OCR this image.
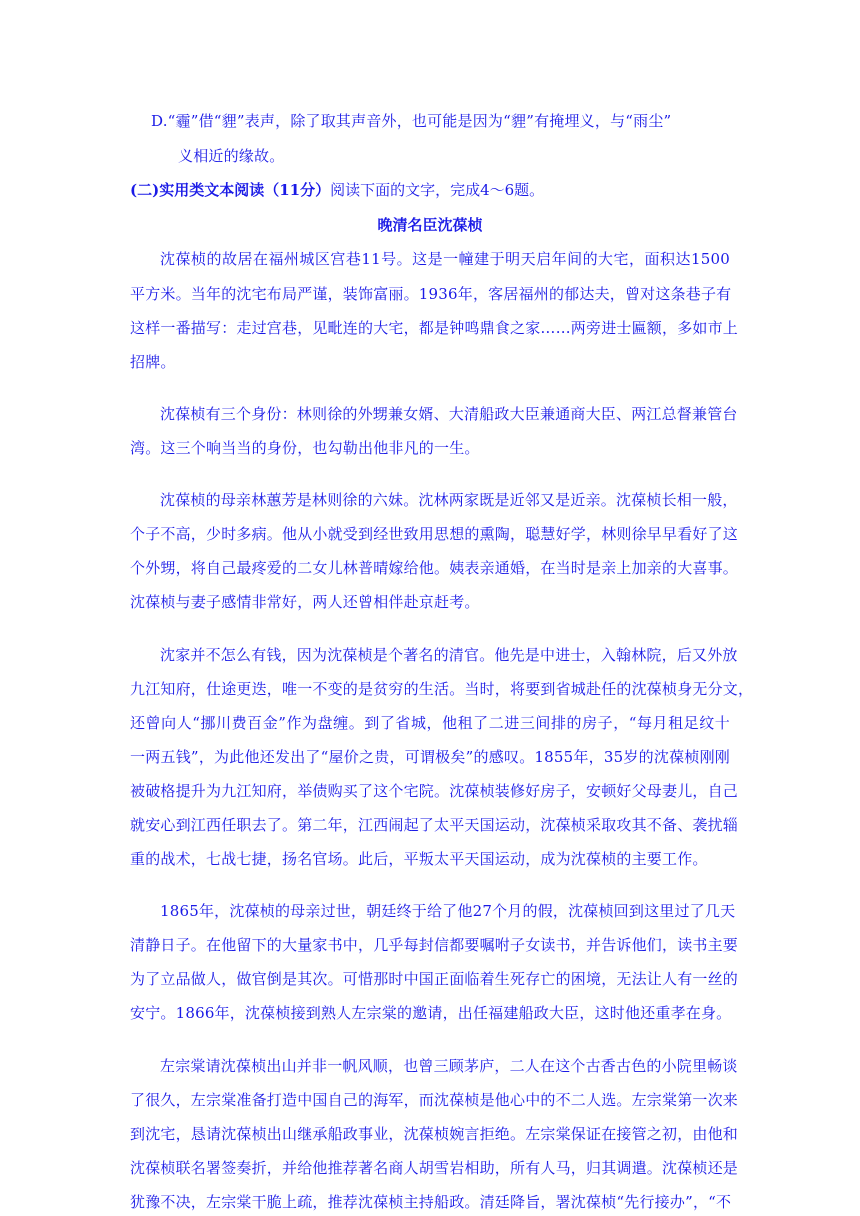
D.“霾”借“貍”表声，除了取其声音外，也可能是因为“貍”有掩埋义，与“雨尘”
义相近的缘故。
(二)实用类文本阅读（11分）阅读下面的文字，完成4～6题。
晚清名臣沈葆桢
沈葆桢的故居在福州城区宫巷11号。这是一幢建于明天启年间的大宅，面积达1500
平方米。当年的沈宅布局严谨，装饰富丽。1936年，客居福州的郁达夫，曾对这条巷子有
这样一番描写：走过宫巷，见毗连的大宅，都是钟鸣鼎食之家……两旁进士匾额，多如市上
招牌。
沈葆桢有三个身份：林则徐的外甥兼女婿、大清船政大臣兼通商大臣、两江总督兼管台
湾。这三个响当当的身份，也勾勒出他非凡的一生。
沈葆桢的母亲林蕙芳是林则徐的六妹。沈林两家既是近邻又是近亲。沈葆桢长相一般，
个子不高，少时多病。他从小就受到经世致用思想的熏陶，聪慧好学，林则徐早早看好了这
个外甥，将自己最疼爱的二女儿林普晴嫁给他。姨表亲通婚，在当时是亲上加亲的大喜事。
沈葆桢与妻子感情非常好，两人还曾相伴赴京赶考。
沈家并不怎么有钱，因为沈葆桢是个著名的清官。他先是中进士，入翰林院，后又外放
九江知府，仕途更迭，唯一不变的是贫穷的生活。当时，将要到省城赴任的沈葆桢身无分文，
还曾向人“挪川费百金”作为盘缠。到了省城，他租了二进三间排的房子，“每月租足纹十
一两五钱”，为此他还发出了“屋价之贵，可谓极矣”的感叹。1855年，35岁的沈葆桢刚刚
被破格提升为九江知府，举债购买了这个宅院。沈葆桢装修好房子，安顿好父母妻儿，自己
就安心到江西任职去了。第二年，江西闹起了太平天国运动，沈葆桢采取攻其不备、袭扰辎
重的战术，七战七捷，扬名官场。此后，平叛太平天国运动，成为沈葆桢的主要工作。
1865年，沈葆桢的母亲过世，朝廷终于给了他27个月的假，沈葆桢回到这里过了几天
清静日子。在他留下的大量家书中，几乎每封信都要嘱咐子女读书，并告诉他们，读书主要
为了立品做人，做官倒是其次。可惜那时中国正面临着生死存亡的困境，无法让人有一丝的
安宁。1866年，沈葆桢接到熟人左宗棠的邀请，出任福建船政大臣，这时他还重孝在身。
左宗棠请沈葆桢出山并非一帆风顺，也曾三顾茅庐，二人在这个古香古色的小院里畅谈
了很久，左宗棠准备打造中国自己的海军，而沈葆桢是他心中的不二人选。左宗棠第一次来
到沈宅，恳请沈葆桢出山继承船政事业，沈葆桢婉言拒绝。左宗棠保证在接管之初，由他和
沈葆桢联名署签奏折，并给他推荐著名商人胡雪岩相助，所有人马，归其调遣。沈葆桢还是
犹豫不决，左宗棠干脆上疏，推荐沈葆桢主持船政。清廷降旨，署沈葆桢“先行接办”，“不
